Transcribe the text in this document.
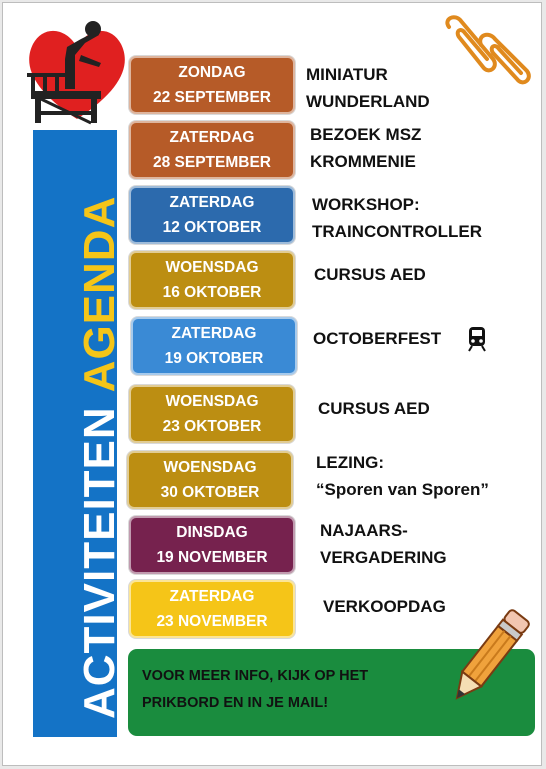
ACTIVITEITENAGENDA
ZONDAG
22 SEPTEMBER
MINIATUR
WUNDERLAND
ZATERDAG
28 SEPTEMBER
BEZOEK MSZ
KROMMENIE
ZATERDAG
12 OKTOBER
WORKSHOP:
TRAINCONTROLLER
WOENSDAG
16 OKTOBER
CURSUS AED
ZATERDAG
19 OKTOBER
OCTOBERFEST
WOENSDAG
23 OKTOBER
CURSUS AED
WOENSDAG
30 OKTOBER
LEZING:
“Sporen van Sporen”
DINSDAG
19 NOVEMBER
NAJAARS-
VERGADERING
ZATERDAG
23 NOVEMBER
VERKOOPDAG
VOOR MEER INFO, KIJK OP HET
PRIKBORD EN IN JE MAIL!
